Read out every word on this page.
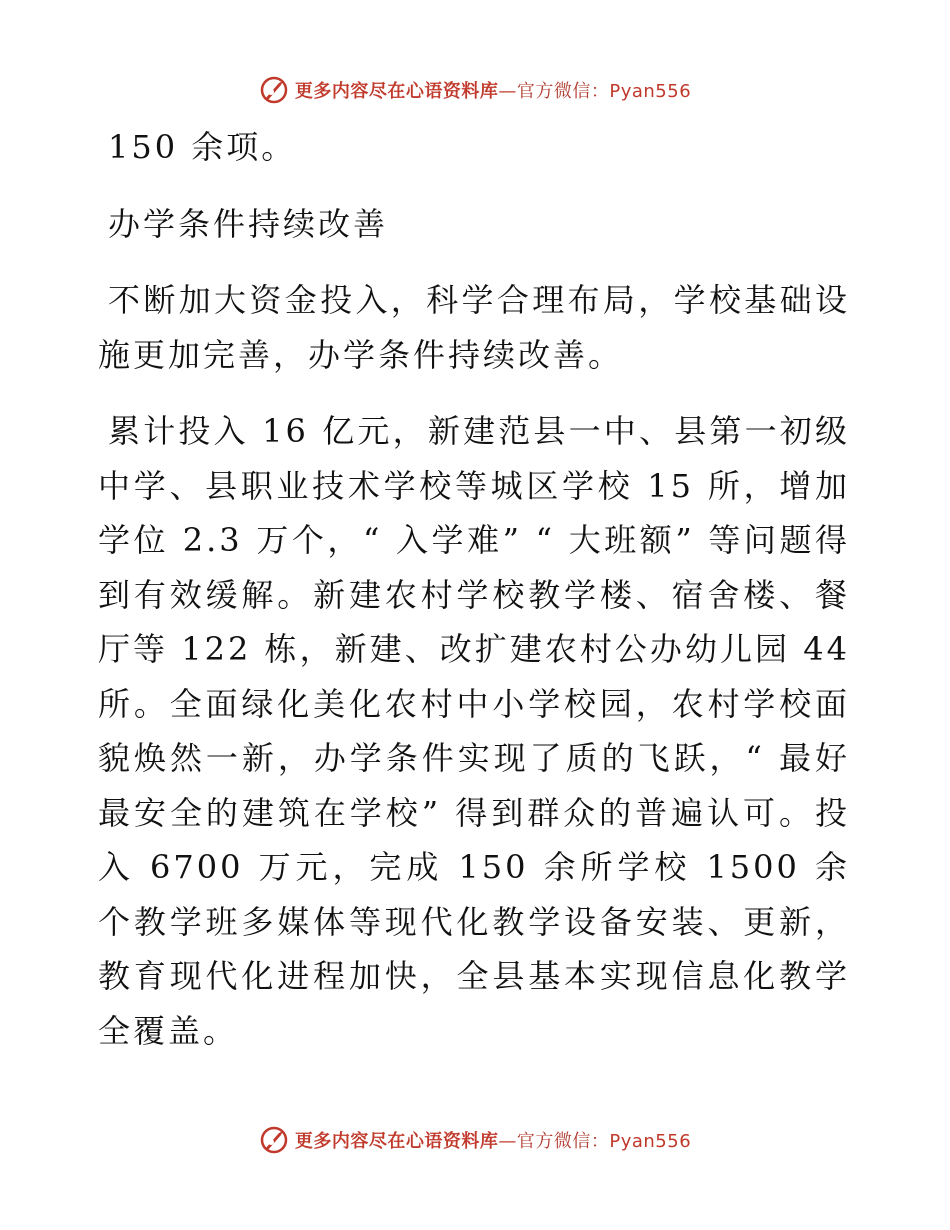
更多内容尽在心语资料库—官方微信：Pyan556

150 余项。

办学条件持续改善

不断加大资金投入，科学合理布局，学校基础设施更加完善，办学条件持续改善。

累计投入 16 亿元，新建范县一中、县第一初级中学、县职业技术学校等城区学校 15 所，增加学位 2.3 万个，“ 入学难” “ 大班额” 等问题得到有效缓解。新建农村学校教学楼、宿舍楼、餐厅等 122 栋，新建、改扩建农村公办幼儿园 44 所。全面绿化美化农村中小学校园，农村学校面貌焕然一新，办学条件实现了质的飞跃，“ 最好最安全的建筑在学校” 得到群众的普遍认可。投入 6700 万元，完成 150 余所学校 1500 余个教学班多媒体等现代化教学设备安装、更新，教育现代化进程加快，全县基本实现信息化教学全覆盖。

更多内容尽在心语资料库—官方微信：Pyan556
